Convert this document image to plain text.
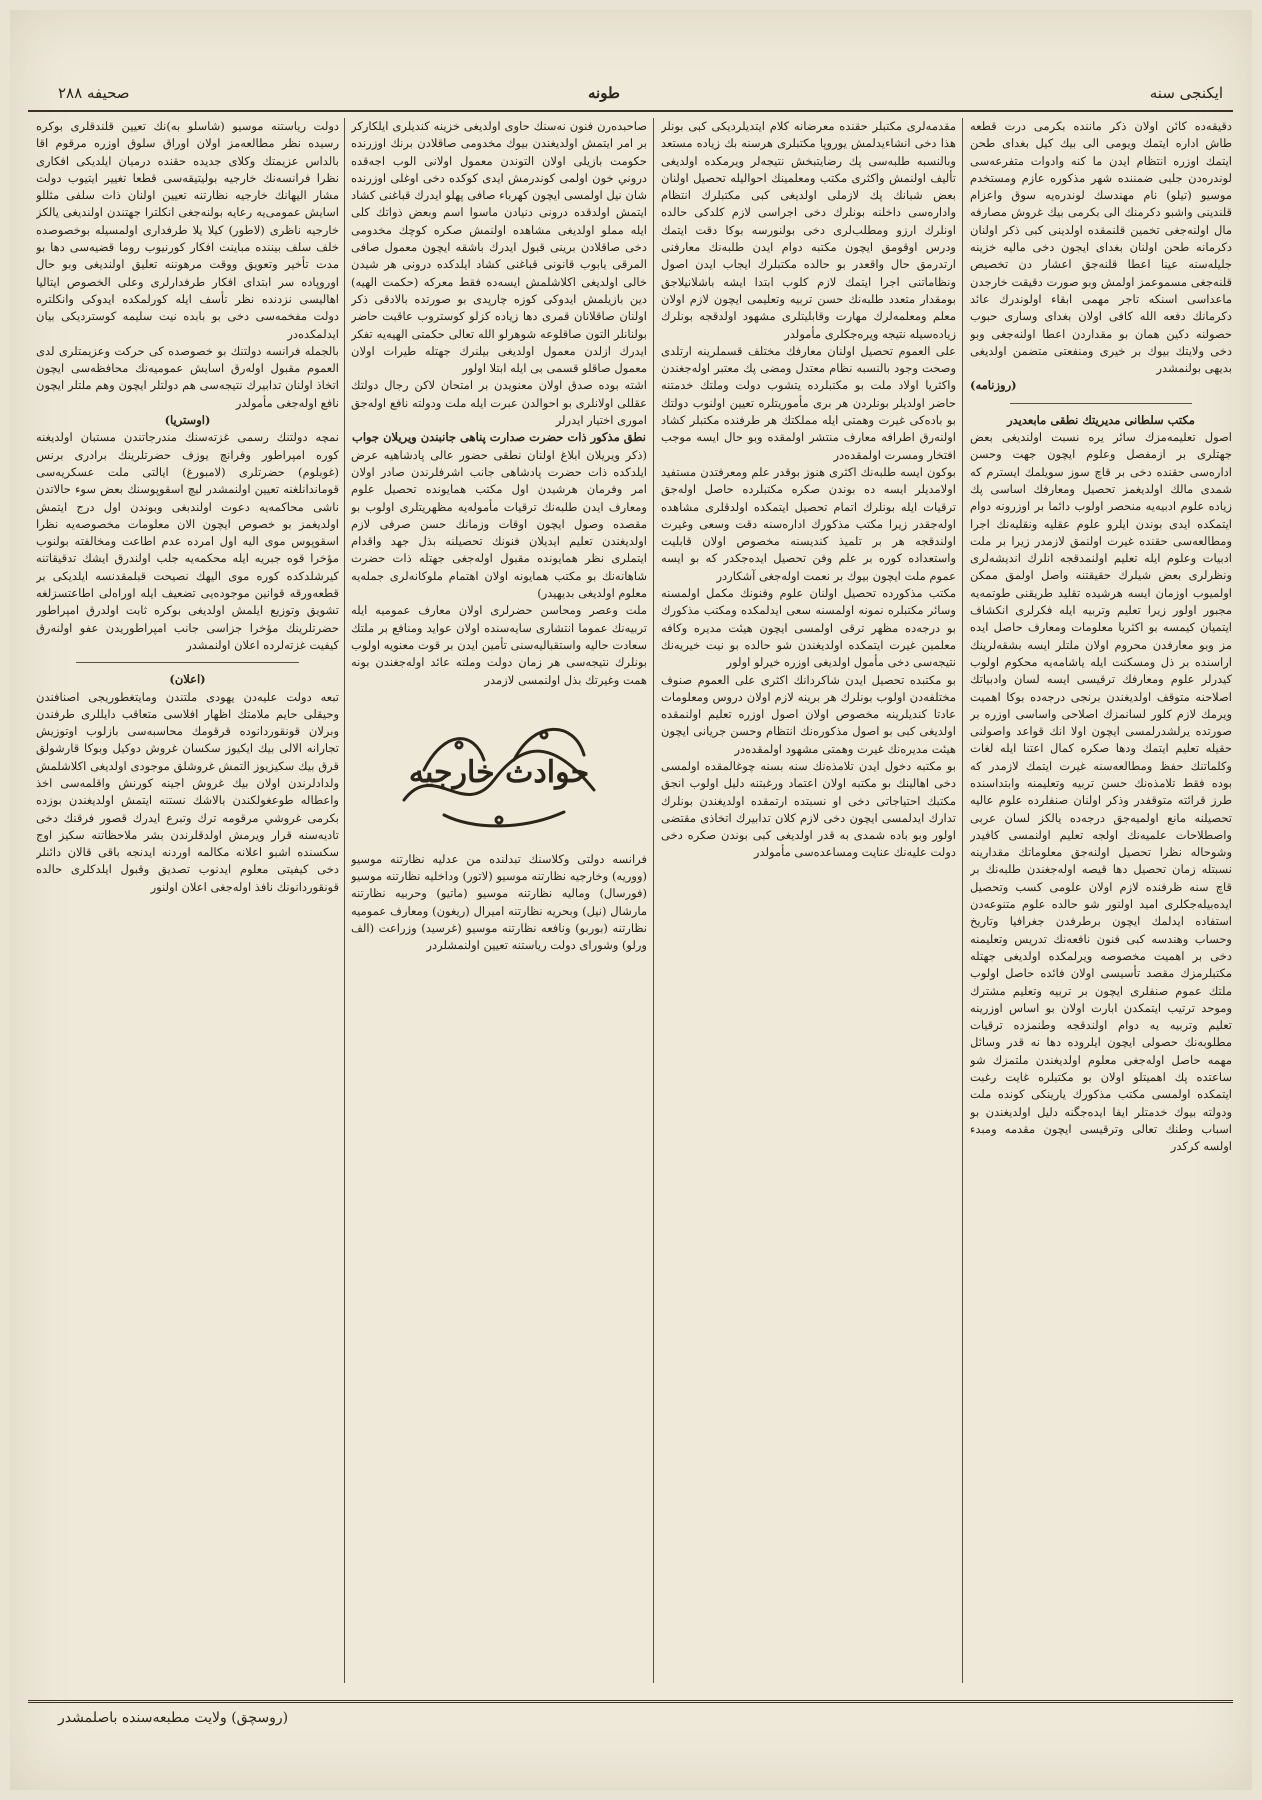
صحيفه ٢٨٨	طونه	ايكنجى سنه

دقيقه‌ده كائن اولان ذكر ماننده بكرمى درت قطعه طاش اداره ايتمك ويومى الى بيك كيل بغداى طحن ايتمك اوزره انتظام ايدن ما كنه وادوات متفرعه‌سى لوندره‌دن جلبى ضمننده شهر مذكوره عازم ومستخدم موسيو (تيلو) نام مهندسك لوندره‌يه سوق واعزام قلندينى واشبو دكرمنك الى بكرمى بيك غروش مصارفه مال اولنه‌جغى تخمين قلنمقده اولدينى كبى ذكر اولنان دكرمانه طحن اولنان بغداى ايجون دخى ماليه خزينه جليله‌سنه عينا اعطا قلنه‌جق اعشار دن تخصيص قلنه‌جغى مسموعمز اولمش وبو صورت دقيقت خارجدن ماعداسى اسنكه تاجر مهمى ابقاء اولوندرك عائد دكرمانك دفعه الله كافى اولان بغداى وسارى حبوب حصولنه دكين همان بو مقداردن اعطا اولنه‌جغى وبو دخى ولايتك بيوك بر خيرى ومنفعتى متضمن اولديغى بديهى بولنمشدر

(روزنامه)

مكتب سلطانى مديريتك نطقى مابعديدر

اصول تعليمه‌مزك سائر يره نسبت اولنديغى بعض جهتلرى بر ازمفصل وعلوم ايچون جهت وحسن اداره‌سى حقنده دخى بر قاچ سوز سويلمك ايسترم كه شمدى مالك اولديغمز تحصيل ومعارفك اساسى پك زياده علوم ادبيه‌يه منحصر اولوب دائما بر اوزرونه دوام ايتمكده ايدى بوندن ايلرو علوم عقليه ونقليه‌نك اجرا ومطالعه‌سى حقنده غيرت اولنمق لازمدر زيرا بر ملت ادبيات وعلوم ايله تعليم اولنمدقجه انلرك انديشه‌لرى ونظرلرى بعض شيلرك حقيقتنه واصل اولمق ممكن اولميوب اوزمان ايسه هرشيده تقليد طريقنى طوتمه‌يه مجبور اولور زيرا تعليم وتربيه ايله فكرلرى انكشاف ايتميان كيمسه بو اكثريا معلومات ومعارف حاصل ايده مز وبو معارفدن محروم اولان ملتلر ايسه بشقه‌لرينك اراسنده بر ذل ومسكنت ايله ياشامه‌يه محكوم اولوب كيدرلر علوم ومعارفك ترقيسى ايسه لسان وادبياتك اصلاحنه متوقف اولديغندن برنجى درجه‌ده بوكا اهميت ويرمك لازم كلور لسانمزك اصلاحى واساسى اوزره بر صورتده يرلشدرلمسى ايچون اولا انك قواعد واصولنى حقيله تعليم ايتمك ودها صكره كمال اعتنا ايله لغات وكلماتنك حفظ ومطالعه‌سنه غيرت ايتمك لازمدر كه بوده فقط تلامذه‌نك حسن تربيه وتعليمنه وابتداسنده طرز قرائته متوقفدر وذكر اولنان صنفلرده علوم عاليه تحصيلنه مانع اولميه‌جق درجه‌ده يالكز لسان عربى واصطلاحات علميه‌نك اولجه تعليم اولنمسى كافيدر وشوحاله نظرا تحصيل اولنه‌جق معلوماتك مقدارينه نسبتله زمان تحصيل دها قيصه اوله‌جغندن طلبه‌نك بر قاچ سنه ظرفنده لازم اولان علومى كسب وتحصيل ايده‌بيله‌جكلرى اميد اولنور شو حالده علوم متنوعه‌دن استفاده ايدلمك ايچون برطرفدن جغرافيا وتاريخ وحساب وهندسه كبى فنون نافعه‌نك تدريس وتعليمنه دخى بر اهميت مخصوصه ويرلمكده اولديغى جهتله مكتبلرمزك مقصد تأسيسى اولان فائده حاصل اولوب ملتك عموم صنفلرى ايچون بر تربيه وتعليم مشترك وموحد ترتيب ايتمكدن ابارت اولان بو اساس اوزرينه تعليم وتربيه يه دوام اولندقجه وطنمزده ترقيات مطلوبه‌نك حصولى ايچون ايلروده دها نه قدر وسائل مهمه حاصل اوله‌جغى معلوم اولديغندن ملتمزك شو ساعتده پك اهميتلو اولان بو مكتبلره غايت رغبت ايتمكده اولمسى مكتب مذكورك يارينكى كونده ملت ودولته بيوك خدمتلر ايفا ايده‌جگنه دليل اولديغندن بو اسباب وطنك تعالى وترقيسى ايچون مقدمه ومبدء اولسه كركدر

مقدمه‌لرى مكتبلر حقنده معرضانه كلام ايتديلرديكى كبى بونلر هذا دخى انشاءيدلمش يوروپا مكتبلرى هرسنه بك زياده مستعد وبالنسبه طلبه‌سى پك رضايتبخش نتيجه‌لر ويرمكده اولديغى تأليف اولنمش واكثرى مكتب ومعلمينك احواليله تحصيل اولنان بعض شبانك پك لازملى اولديغى كبى مكتبلرك انتظام واداره‌سى داخلنه بونلرك دخى اجراسى لازم كلدكى حالده اونلرك ارزو ومطلب‌لرى دخى بولنورسه بوكا دقت ايتمك ودرس اوقومق ايچون مكتبه دوام ايدن طلبه‌نك معارفنى ارتدرمق حال واقعدر بو حالده مكتبلرك ايجاب ايدن اصول ونظاماتنى اجرا ايتمك لازم كلوب ابتدا ايشه باشلانيلاجق بومقدار متعدد طلبه‌نك حسن تربيه وتعليمى ايچون لازم اولان معلم ومعلمه‌لرك مهارت وقابليتلرى مشهود اولدقجه بونلرك زياده‌سيله نتيجه ويره‌جكلرى مأمولدر

على العموم تحصيل اولنان معارفك مختلف قسملرينه ارتلدى وصحت وجود بالنسبه نظام معتدل ومضى پك معتبر اوله‌جغندن واكثريا اولاد ملت بو مكتبلرده يتشوب دولت وملتك خدمتنه حاضر اولديلر بونلردن هر برى مأموريتلره تعيين اولنوب دولتك بو باده‌كى غيرت وهمتى ايله مملكتك هر طرفنده مكتبلر كشاد اولنه‌رق اطرافه معارف منتشر اولمقده وبو حال ايسه موجب افتخار ومسرت اولمقده‌در

بوكون ايسه طلبه‌نك اكثرى هنوز بوقدر علم ومعرفتدن مستفيد اولامديلر ايسه ده بوندن صكره مكتبلرده حاصل اوله‌جق ترقيات ايله بونلرك اتمام تحصيل ايتمكده اولدقلرى مشاهده اوله‌جقدر زيرا مكتب مذكورك اداره‌سنه دقت وسعى وغيرت اولندقجه هر بر تلميذ كنديسنه مخصوص اولان قابليت واستعداده كوره بر علم وفن تحصيل ايده‌جكدر كه بو ايسه عموم ملت ايچون بيوك بر نعمت اوله‌جغى آشكاردر

مكتب مذكورده تحصيل اولنان علوم وفنونك مكمل اولمسنه وسائر مكتبلره نمونه اولمسنه سعى ايدلمكده ومكتب مذكورك بو درجه‌ده مظهر ترقى اولمسى ايچون هيئت مديره وكافه معلمين غيرت ايتمكده اولديغندن شو حالده بو نيت خيريه‌نك نتيجه‌سى دخى مأمول اولديغى اوزره خيرلو اولور

بو مكتبده تحصيل ايدن شاكردانك اكثرى على العموم صنوف مختلفه‌دن اولوب بونلرك هر برينه لازم اولان دروس ومعلومات عادتا كنديلرينه مخصوص اولان اصول اوزره تعليم اولنمقده اولديغى كبى بو اصول مذكوره‌نك انتظام وحسن جريانى ايچون هيئت مديره‌نك غيرت وهمتى مشهود اولمقده‌در

بو مكتبه دخول ايدن تلامذه‌نك سنه بسنه چوغالمقده اولمسى دخى اهالينك بو مكتبه اولان اعتماد ورغبتنه دليل اولوب انجق مكتبك احتياجاتى دخى او نسبتده ارتمقده اولديغندن بونلرك تدارك ايدلمسى ايچون دخى لازم كلان تدابيرك اتخاذى مقتضى اولور وبو باده شمدى به قدر اولديغى كبى بوندن صكره دخى دولت عليه‌نك عنايت ومساعده‌سى مأمولدر

صاحبده‌رن فنون نه‌سنك حاوى اولديغى خزينه كنديلرى ايلكاركر بر امر ايتمش اولديغندن بيوك مخدومى صاقلادن برنك اوزرنده حكومت بازيلى اولان التوندن معمول اولانى الوب اجه‌قده دروني خون اولمى كوندرمش ايدى كوكده دخى اوغلى اوزرنده شان نيل اولمسى ايچون كهرباء صافى پهلو ايدرك قباغنى كشاد ايتمش اولدقده درونى دنيادن ماسوا اسم وبعض ذواتك كلى ايله مملو اولديغى مشاهده اولنمش صكره كوچك مخدومى دخى صاقلادن برينى قبول ايدرك باشقه ايچون معمول صافى المرقى يابوب قانونى قباغنى كشاد ايلدكده درونى هر شيدن خالى اولديغى اكلاشلمش ايسه‌ده فقط معركه (حكمت الهيه) دين بازيلمش ايدوكى كوزه چارپدى بو صورتده بالادقى ذكر اولنان صاقلانان قمرى دها زياده كزلو كوستروب عاقبت حاضر بولنانلر التون صاقلوعه شوهرلو الله تعالى حكمتى الهيه‌يه تفكر ايدرك ازلدن معمول اولديغى بيلنرك جهتله طيرات اولان معمول صاقلو قسمى بى ايله ابتلا اولور

اشته بوده صدق اولان معنويدن بر امتحان لاكن رجال دولتك عقللى اولانلرى بو احوالدن عبرت ايله ملت ودولته نافع اوله‌جق امورى اختيار ايدرلر

نطق مذكور ذات حضرت صدارت پناهى جانبندن ويريلان جواب

(ذكر ويريلان ابلاغ اولنان نطقى حضور عالى پادشاهيه عرض ايلدكده ذات حضرت پادشاهى جانب اشرفلرندن صادر اولان امر وفرمان هرشيدن اول مكتب همايونده تحصيل علوم ومعارف ايدن طلبه‌نك ترقيات مأموله‌يه مظهريتلرى اولوب بو مقصده وصول ايچون اوقات وزمانك حسن صرفى لازم اولديغندن تعليم ايديلان فنونك تحصيلنه بذل جهد واقدام ايتملرى نظر همايونده مقبول اوله‌جغى جهتله ذات حضرت شاهانه‌نك بو مكتب همايونه اولان اهتمام ملوكانه‌لرى جمله‌يه معلوم اولديغى بديهيدر)

ملت وعصر ومحاسن حضرلرى اولان معارف عموميه ايله تربيه‌نك عموما انتشارى سايه‌سنده اولان عوايد ومنافع بر ملتك سعادت حاليه واستقباليه‌سنى تأمين ايدن بر قوت معنويه اولوب بونلرك نتيجه‌سى هر زمان دولت وملته عائد اوله‌جغندن بونه همت وغيرتك بذل اولنمسى لازمدر

حوادث خارجيه

فرانسه دولتى وكلاسنك تبدلنده من عدليه نظارتنه موسيو (ووريه) وخارجيه نظارتنه موسيو (لاتور) وداخليه نظارتنه موسيو (فورسال) وماليه نظارتنه موسيو (ماتيو) وحربيه نظارتنه مارشال (نيل) وبحريه نظارتنه اميرال (ريغون) ومعارف عموميه نظارتنه (بوربو) ونافعه نظارتنه موسيو (غرسيد) وزراعت (الف ورلو) وشوراى دولت رياستنه تعيين اولنمشلردر

دولت رياستنه موسيو (شاسلو به)نك تعيين قلندقلرى بوكره رسيده نظر مطالعه‌مز اولان اوراق سلوق اوزره مرقوم اقا بالداس عزيمتك وكلاى جديده حقنده درميان ايلديكى افكارى نظرا فرانسه‌نك خارجيه بوليتيقه‌سى قطعا تغيير ايتيوب دولت مشار اليهانك خارجيه نظارتنه تعيين اولنان ذات سلفى مثللو اسايش عمومى‌يه رعايه بولنه‌جغى انكلترا جهتندن اولنديغى يالكز خارجيه ناظرى (لاطور) كيلا يلا طرفدارى اولمسيله بوخصوصده خلف سلف بيننده مباينت افكار كورنيوب روما قضيه‌سى دها بو مدت تأخير وتعويق ووقت مرهوننه تعليق اولنديغى وبو حال اوروپاده سر ابتداى افكار طرفدارلرى وعلى الخصوص ايتاليا اهاليسى نزدنده نظر تأسف ايله كورلمكده ايدوكى وانكلتره دولت مفخمه‌سى دخى بو بابده نيت سليمه كوسترديكى بيان ايدلمكده‌در

بالجمله فرانسه دولتنك بو خصوصده كى حركت وعزيمتلرى لدى العموم مقبول اوله‌رق اسايش عموميه‌نك محافظه‌سى ايچون اتخاذ اولنان تدابيرك نتيجه‌سى هم دولتلر ايچون وهم ملتلر ايچون نافع اوله‌جغى مأمولدر

(اوستريا)

نمچه دولتنك رسمى غزته‌سنك مندرجاتندن مستبان اولديغنه كوره امپراطور وفرانچ يوزف حضرتلرينك برادرى برنس (غوبلوم) حضرتلرى (لامبورغ) ايالتى ملت عسكريه‌سى قوماندانلغنه تعيين اولنمشدر ليچ اسقوپوسنك بعض سوء حالاتدن ناشى محاكمه‌يه دعوت اولندبغى وبوندن اول درج ايتمش اولديغمز بو خصوص ايچون الان معلومات مخصوصه‌يه نظرا اسقوپوس موى اليه اول امرده عدم اطاعت ومخالفته بولنوب مؤخرا قوه جبريه ايله محكمه‌يه جلب اولندرق ايشك تدقيقاتنه كيرشلدكده كوره موى اليهك نصيحت قبلمقدنسه ايلديكى بر قطعه‌ورقه قوانين موجوده‌يى تضعيف ايله اوراه‌لى اطاعتسزلغه تشويق وتوزيع ايلمش اولديغى بوكره ثابت اولدرق امپراطور حضرتلرينك مؤخرا جزاسى جانب امپراطوريدن عفو اولنه‌رق كيفيت غزته‌لرده اعلان اولنمشدر

(اعلان)

تبعه دولت عليه‌دن يهودى ملتندن ومايتغطوريجى اصنافندن وحيقلى حايم ملامتك اظهار افلاسى متعاقب دايللرى طرفندن وبرلان قونقوردانوده قرقومك محاسبه‌سى بازلوب اوتوزيش تجارانه الالى بيك ايكيوز سكسان غروش دوكيل وبوكا قارشولق قرق بيك سكيزيوز التمش غروشلق موجودى اولديغى اكلاشلمش ولدادلرندن اولان بيك غروش اجينه كورنش واقلمه‌سى اخذ واعطاله طوعغولكندن بالاشك نستنه ايتمش اولديغندن بوزده بكرمى غروشي مرقومه ترك وتبرع ايدرك قصور فرقنك دخى تاديه‌سنه قرار ويرمش اولدقلرندن بشر ملاحظاتنه سكيز اوج سكسنده اشبو اعلانه مكالمه اوردنه ايدنجه باقى قالان دائنلر دخى كيفيتى معلوم ايدنوب تصديق وقبول ايلدكلرى حالده قونقوردانونك نافذ اوله‌جغى اعلان اولنور

(روسچق) ولايت مطبعه‌سنده باصلمشدر
